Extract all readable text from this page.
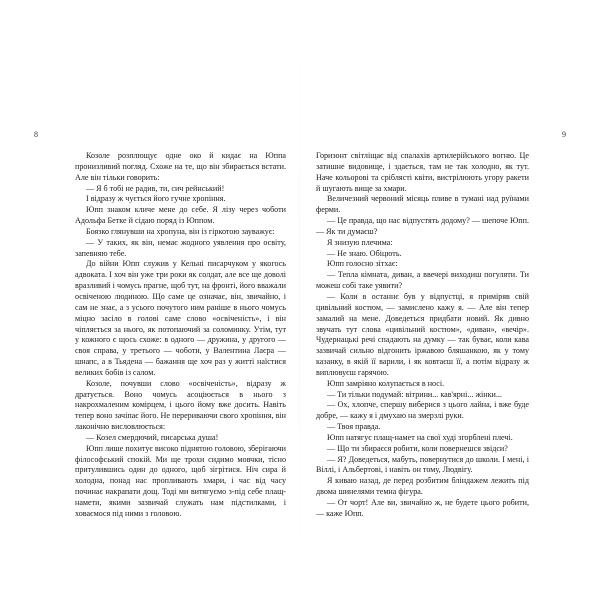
8

Козоле розплющує одне око й кидає на Юппа пронизливий погляд. Схоже на те, що він збирається встати. Але він тільки говорить:

— Я б тобі не радив, ти, сич рейнський!

І відразу ж чується його гучне хропіння.

Юпп знаком кличе мене до себе. Я лізу через чоботи Адольфа Бетке й сідаю поряд із Юппом.

Боязко глянувши на хропуна, він із гіркотою зауважує:

— У таких, як він, немає жодного уявлення про освіту, запевняю тебе.

До війни Юпп служив у Кельні писарчуком у якогось адвоката. І хоч він уже три роки як солдат, але все ще доволі вразливий і чомусь прагне, щоб тут, на фронті, його вважали освіченою людиною. Що саме це означає, він, звичайно, і сам не знає, а з усього почутого ним раніше в нього чомусь міцно засіло в голові саме слово «освіченість», і він чіпляється за нього, як потопаючий за соломинку. Утім, тут у кожного є щось схоже: в одного — дружина, у другого — своя справа, у третього — чоботи, у Валентина Лаєра — шнапс, а в Тьядена — бажання ще хоч раз у житті наїстися великих бобів із салом.

Козоле, почувши слово «освіченість», відразу ж дратується. Воно чомусь асоціюється в нього з накрохмаленим комірцем, і цього йому вже досить. Навіть тепер воно зачіпає його. Не перериваючи свого хропіння, він лаконічно висловлюється:

— Козел смердючий, писарська душа!

Юпп лише похитує високо піднятою головою, зберігаючи філософський спокій. Ми ще трохи сидимо мовчки, тісно притулившись один до одного, щоб зігрітися. Ніч сира й холодна, понад нас пропливають хмари, і час від часу починає накрапати дощ. Тоді ми витягуємо з-під себе плащ-намети, якими зазвичай служать нам підстилками, і ховаємося під ними з головою.

9

Горизонт світліщає від спалахів артилерійського вогню. Це затишне видовище, і здається, там не так холодно, як тут. Наче кольорові та сріблясті квіти, вистрілюють угору ракети й шугають вище за хмари.

Величезний червоний місяць пливе в тумані над руїнами ферми.

— Це правда, що нас відпустять додому? — шепоче Юпп. — Як ти думаєш?

Я знизую плечима:

— Не знаю. Обіцють.

Юпп голосно зітхає:

— Тепла кімната, диван, а ввечері виходиш погуляти. Ти можеш собі таке уявити?

— Коли в останнє був у відпустці, я приміряв свій цивільний костюм, — замислено кажу я. — Але він тепер замалий на мене. Доведеться придбати новий. Як дивно звучать тут слова «цивільний костюм», «диван», «вечір». Чудернацькі речі спадають на думку — так буває, коли кава зазвичай сильно відгонить іржавою бляшанкою, як у тому казанку, в якій її варили, і як ковтаєш її, а потім відразу ж виплювуєш гарячою.

Юпп замріяно колупається в носі.

— Ти тільки подумай: вітрини... кав'ярні... жінки...

— Ох, хлопче, спершу виберися з цього лайна, і вже буде добре, — кажу я і дмухаю на змерзлі руки.

— Твоя правда.

Юпп натягує плащ-намет на свої худі згорблені плечі.

— Що ти збираєся робити, коли повернешся звідси?

— Я? Доведеться, мабуть, повернутися до школи. І мені, і Віллі, і Альбертові, і навіть он тому, Людвігу.

Я киваю назад, де перед розбитим бліндажем лежить під двома шинелями темна фігура.

— От чорт! Але ви, звичайно ж, не будете цього робити, — каже Юпп.
